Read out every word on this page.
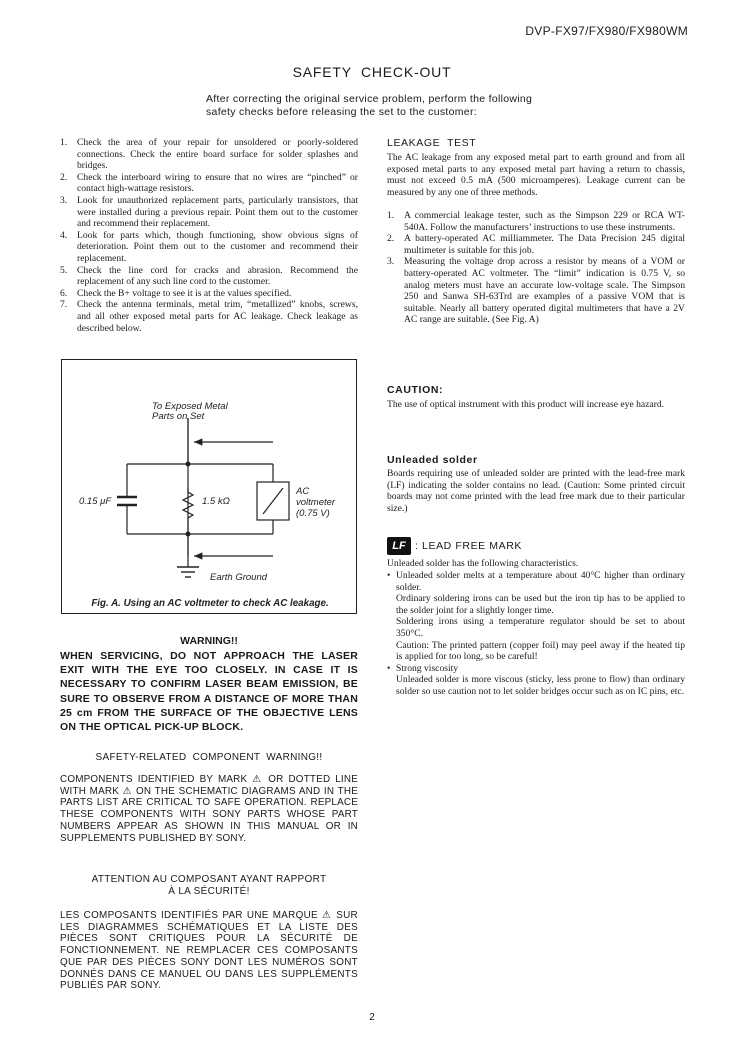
DVP-FX97/FX980/FX980WM
SAFETY  CHECK-OUT
After correcting the original service problem, perform the following safety checks before releasing the set to the customer:
1. Check the area of your repair for unsoldered or poorly-soldered connections. Check the entire board surface for solder splashes and bridges.
2. Check the interboard wiring to ensure that no wires are “pinched” or contact high-wattage resistors.
3. Look for unauthorized replacement parts, particularly transistors, that were installed during a previous repair. Point them out to the customer and recommend their replacement.
4. Look for parts which, though functioning, show obvious signs of deterioration. Point them out to the customer and recommend their replacement.
5. Check the line cord for cracks and abrasion. Recommend the replacement of any such line cord to the customer.
6. Check the B+ voltage to see it is at the values specified.
7. Check the antenna terminals, metal trim, “metallized” knobs, screws, and all other exposed metal parts for AC leakage. Check leakage as described below.
To Exposed Metal
Parts on Set
0.15 μF	1.5 kΩ
AC
voltmeter
(0.75 V)
Earth Ground
Fig. A. Using an AC voltmeter to check AC leakage.
WARNING!!
WHEN SERVICING, DO NOT APPROACH THE LASER EXIT WITH THE EYE TOO CLOSELY. IN CASE IT IS NECESSARY TO CONFIRM LASER BEAM EMISSION, BE SURE TO OBSERVE FROM A DISTANCE OF MORE THAN 25 cm FROM THE SURFACE OF THE OBJECTIVE LENS ON THE OPTICAL PICK-UP BLOCK.
SAFETY-RELATED  COMPONENT  WARNING!!
COMPONENTS IDENTIFIED BY MARK ⚠ OR DOTTED LINE WITH MARK ⚠ ON THE SCHEMATIC DIAGRAMS AND IN THE PARTS LIST ARE CRITICAL TO SAFE OPERATION. REPLACE THESE COMPONENTS WITH SONY PARTS WHOSE PART NUMBERS APPEAR AS SHOWN IN THIS MANUAL OR IN SUPPLEMENTS PUBLISHED BY SONY.
ATTENTION AU COMPOSANT AYANT RAPPORT
À LA SÉCURITÉ!
LES COMPOSANTS IDENTIFIÉS PAR UNE MARQUE ⚠ SUR LES DIAGRAMMES SCHÉMATIQUES ET LA LISTE DES PIÈCES SONT CRITIQUES POUR LA SÉCURITÉ DE FONCTIONNEMENT. NE REMPLACER CES COMPOSANTS QUE PAR DES PIÈCES SONY DONT LES NUMÉROS SONT DONNÉS DANS CE MANUEL OU DANS LES SUPPLÉMENTS PUBLIÉS PAR SONY.
LEAKAGE  TEST
The AC leakage from any exposed metal part to earth ground and from all exposed metal parts to any exposed metal part having a return to chassis, must not exceed 0.5 mA (500 microamperes). Leakage current can be measured by any one of three methods.
1. A commercial leakage tester, such as the Simpson 229 or RCA WT-540A. Follow the manufacturers’ instructions to use these instruments.
2. A battery-operated AC milliammeter. The Data Precision 245 digital multimeter is suitable for this job.
3. Measuring the voltage drop across a resistor by means of a VOM or battery-operated AC voltmeter. The “limit” indication is 0.75 V, so analog meters must have an accurate low-voltage scale. The Simpson 250 and Sanwa SH-63Trd are examples of a passive VOM that is suitable. Nearly all battery operated digital multimeters that have a 2V AC range are suitable. (See Fig. A)
CAUTION:
The use of optical instrument with this product will increase eye hazard.
Unleaded solder
Boards requiring use of unleaded solder are printed with the lead-free mark (LF) indicating the solder contains no lead. (Caution: Some printed circuit boards may not come printed with the lead free mark due to their particular size.)
LF : LEAD FREE MARK
Unleaded solder has the following characteristics.
• Unleaded solder melts at a temperature about 40°C higher than ordinary solder.
Ordinary soldering irons can be used but the iron tip has to be applied to the solder joint for a slightly longer time.
Soldering irons using a temperature regulator should be set to about 350°C.
Caution: The printed pattern (copper foil) may peel away if the heated tip is applied for too long, so be careful!
• Strong viscosity
Unleaded solder is more viscous (sticky, less prone to flow) than ordinary solder so use caution not to let solder bridges occur such as on IC pins, etc.
2
